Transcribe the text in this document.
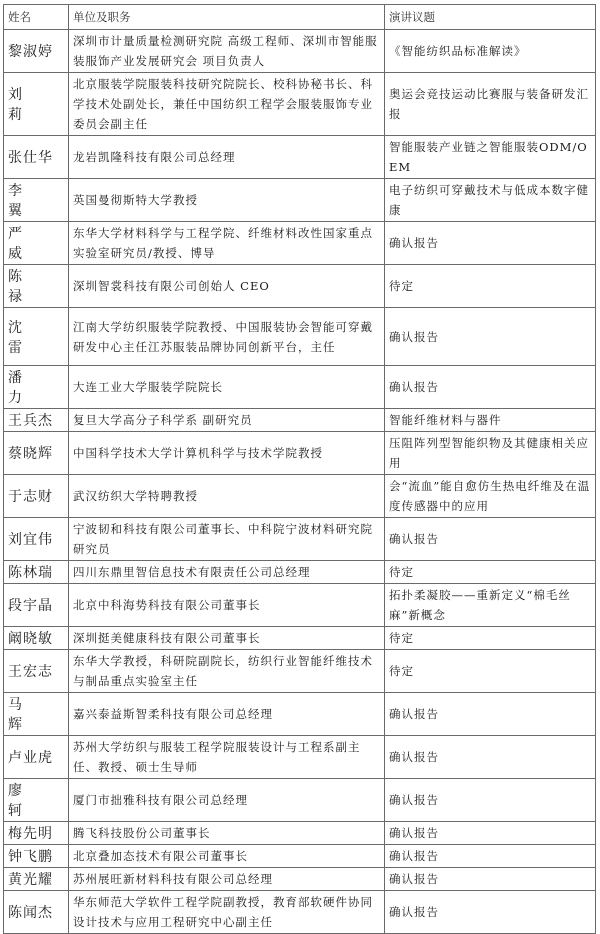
姓名	单位及职务	演讲议题
黎淑婷	深圳市计量质量检测研究院 高级工程师、深圳市智能服装服饰产业发展研究会 项目负责人	《智能纺织品标准解读》
刘 莉	北京服装学院服装科技研究院院长、校科协秘书长、科学技术处副处长，兼任中国纺织工程学会服装服饰专业委员会副主任	奥运会竞技运动比赛服与装备研发汇报
张仕华	龙岩凯隆科技有限公司总经理	智能服装产业链之智能服装ODM/OEM
李 翼	英国曼彻斯特大学教授	电子纺织可穿戴技术与低成本数字健康
严 威	东华大学材料科学与工程学院、纤维材料改性国家重点实验室研究员/教授、博导	确认报告
陈 禄	深圳智裳科技有限公司创始人 CEO	待定
沈 雷	江南大学纺织服装学院教授、中国服装协会智能可穿戴研发中心主任江苏服装品牌协同创新平台，主任	确认报告
潘 力	大连工业大学服装学院院长	确认报告
王兵杰	复旦大学高分子科学系 副研究员	智能纤维材料与器件
蔡晓辉	中国科学技术大学计算机科学与技术学院教授	压阻阵列型智能织物及其健康相关应用
于志财	武汉纺织大学特聘教授	会“流血”能自愈仿生热电纤维及在温度传感器中的应用
刘宜伟	宁波韧和科技有限公司董事长、中科院宁波材料研究院研究员	确认报告
陈林瑞	四川东鼎里智信息技术有限责任公司总经理	待定
段宇晶	北京中科海势科技有限公司董事长	拓扑柔凝胶——重新定义“棉毛丝麻”新概念
阚晓敏	深圳挺美健康科技有限公司董事长	待定
王宏志	东华大学教授，科研院副院长，纺织行业智能纤维技术与制品重点实验室主任	待定
马 辉	嘉兴泰益斯智柔科技有限公司总经理	确认报告
卢业虎	苏州大学纺织与服装工程学院服装设计与工程系副主任、教授、硕士生导师	确认报告
廖 轲	厦门市拙雅科技有限公司总经理	确认报告
梅先明	腾飞科技股份公司董事长	确认报告
钟飞鹏	北京叠加态技术有限公司董事长	确认报告
黄光耀	苏州展旺新材料科技有限公司总经理	确认报告
陈闻杰	华东师范大学软件工程学院副教授，教育部软硬件协同设计技术与应用工程研究中心副主任	确认报告
